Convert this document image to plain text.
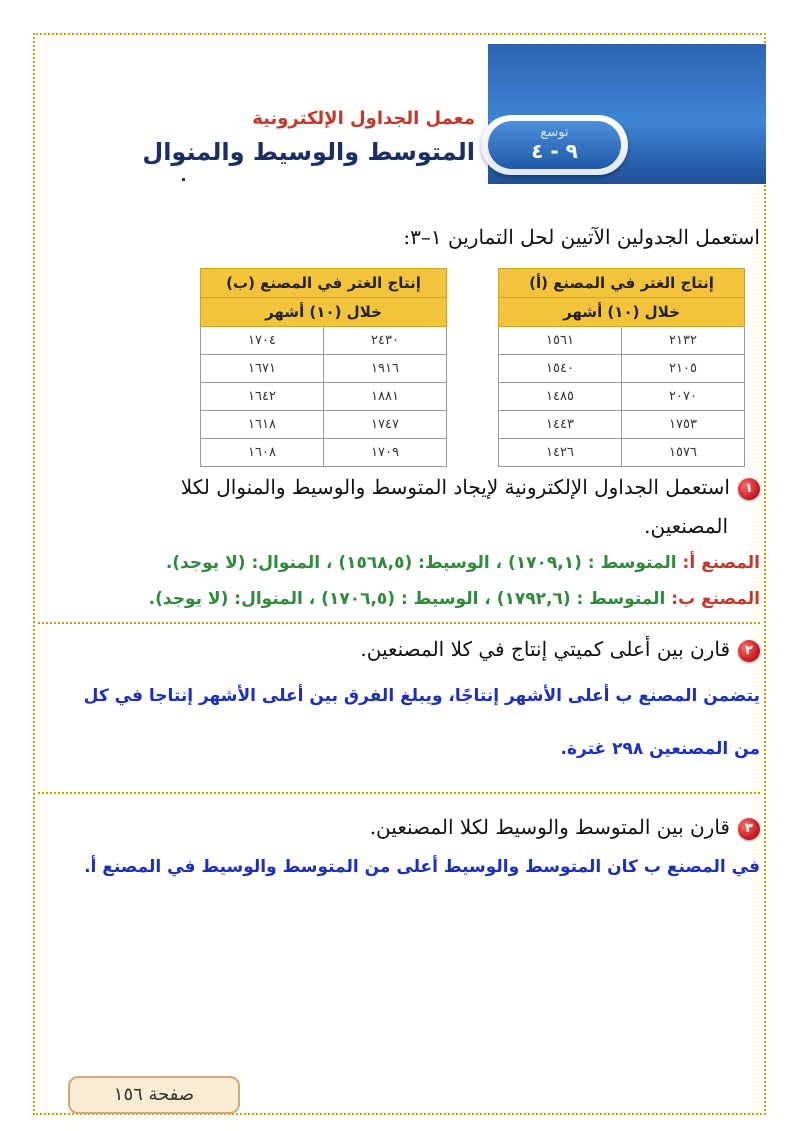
توسع
٩ - ٤
معمل الجداول الإلكترونية
المتوسط والوسيط والمنوال
استعمل الجدولين الآتيين لحل التمارين ١–٣:
إنتاج الغتر في المصنع (أ)	
خلال (١٠) أشهر	
٢١٣٢	١٥٦١
٢١٠٥	١٥٤٠
٢٠٧٠	١٤٨٥
١٧٥٣	١٤٤٣
١٥٧٦	١٤٢٦
إنتاج الغتر في المصنع (ب)	
خلال (١٠) أشهر	
٢٤٣٠	١٧٠٤
١٩١٦	١٦٧١
١٨٨١	١٦٤٢
١٧٤٧	١٦١٨
١٧٠٩	١٦٠٨
١استعمل الجداول الإلكترونية لإيجاد المتوسط والوسيط والمنوال لكلا
المصنعين.
المصنع أ: المتوسط : (١٧٠٩,١) ، الوسيط: (١٥٦٨,٥) ، المنوال: (لا يوجد).
المصنع ب: المتوسط : (١٧٩٢,٦) ، الوسيط : (١٧٠٦,٥) ، المنوال: (لا يوجد).
٢قارن بين أعلى كميتي إنتاج في كلا المصنعين.
يتضمن المصنع ب أعلى الأشهر إنتاجًا، ويبلغ الفرق بين أعلى الأشهر إنتاجا في كل
من المصنعين ٢٩٨ غترة.
٣قارن بين المتوسط والوسيط لكلا المصنعين.
في المصنع ب كان المتوسط والوسيط أعلى من المتوسط والوسيط في المصنع أ.
صفحة ١٥٦
